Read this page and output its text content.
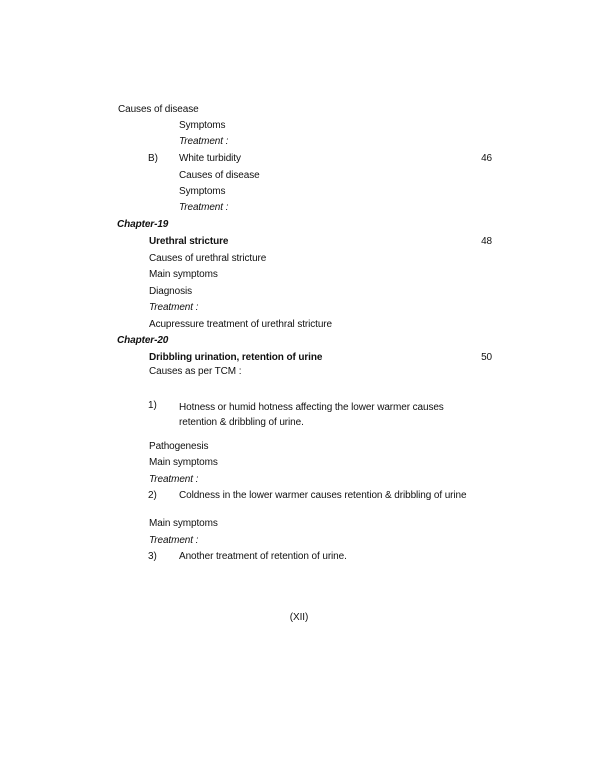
Causes of disease
Symptoms
Treatment :
B) White turbidity	46
Causes of disease
Symptoms
Treatment :
Chapter-19
Urethral stricture	48
Causes of urethral stricture
Main symptoms
Diagnosis
Treatment :
Acupressure treatment of urethral stricture
Chapter-20
Dribbling urination, retention of urine	50
Causes as per TCM :
1) Hotness or humid hotness affecting the lower warmer causes retention & dribbling of urine.
Pathogenesis
Main symptoms
Treatment :
2) Coldness in the lower warmer causes retention & dribbling of urine
Main symptoms
Treatment :
3) Another treatment of retention of urine.
(XII)
